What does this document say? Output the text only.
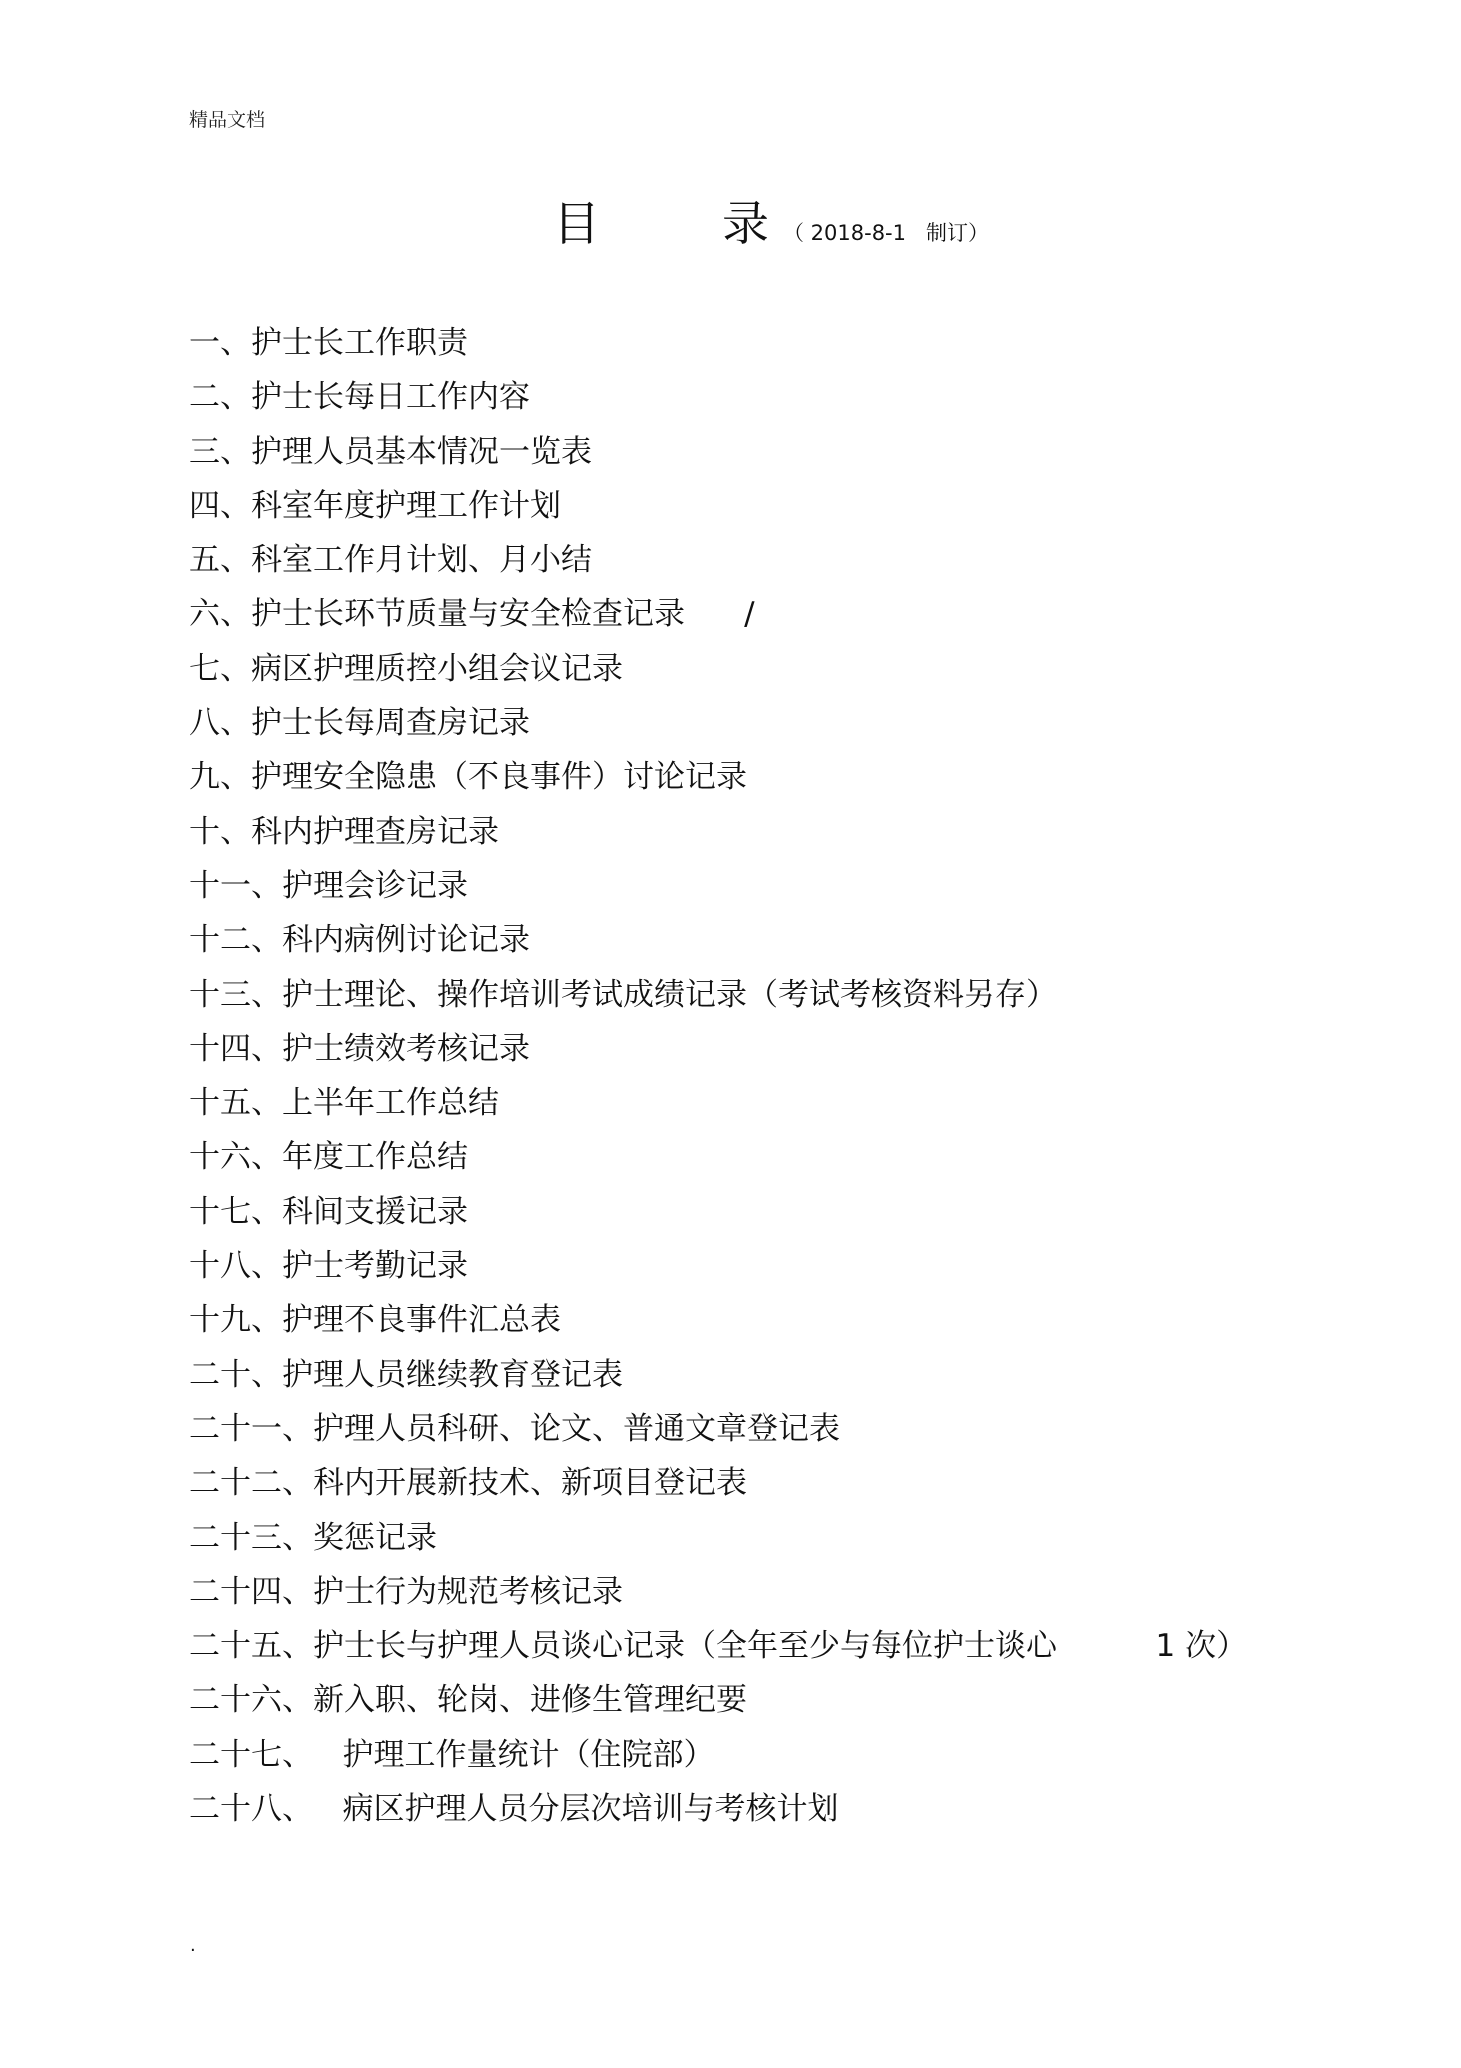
精品文档
目	录 （ 2018-8-1   制订）
一、护士长工作职责
二、护士长每日工作内容
三、护理人员基本情况一览表
四、科室年度护理工作计划
五、科室工作月计划、月小结
六、护士长环节质量与安全检查记录      /
七、病区护理质控小组会议记录
八、护士长每周查房记录
九、护理安全隐患（不良事件）讨论记录
十、科内护理查房记录
十一、护理会诊记录
十二、科内病例讨论记录
十三、护士理论、操作培训考试成绩记录（考试考核资料另存）
十四、护士绩效考核记录
十五、上半年工作总结
十六、年度工作总结
十七、科间支援记录
十八、护士考勤记录
十九、护理不良事件汇总表
二十、护理人员继续教育登记表
二十一、护理人员科研、论文、普通文章登记表
二十二、科内开展新技术、新项目登记表
二十三、奖惩记录
二十四、护士行为规范考核记录
二十五、护士长与护理人员谈心记录（全年至少与每位护士谈心          1 次）
二十六、新入职、轮岗、进修生管理纪要
二十七、   护理工作量统计（住院部）
二十八、   病区护理人员分层次培训与考核计划
.
